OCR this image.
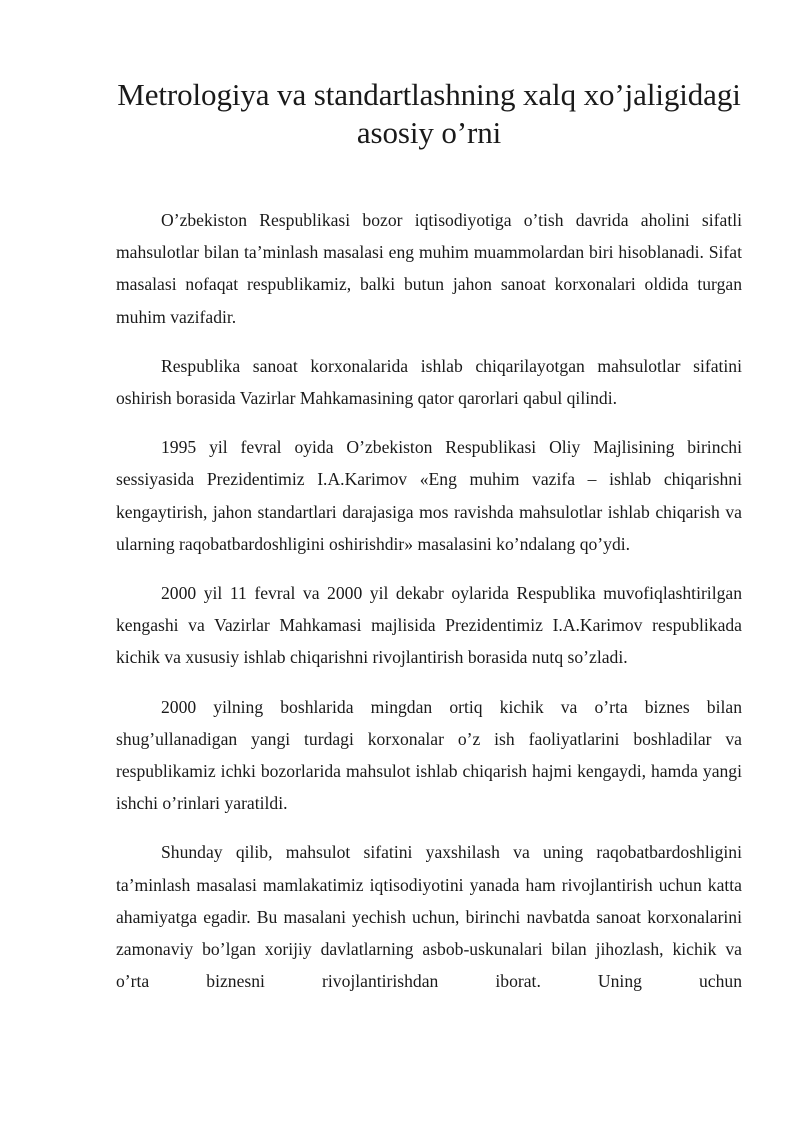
Metrologiya va standartlashning xalq xo’jaligidagi
asosiy o’rni

O’zbekiston Respublikasi bozor iqtisodiyotiga o’tish davrida aholini sifatli mahsulotlar bilan ta’minlash masalasi eng muhim muammolardan biri hisoblanadi. Sifat masalasi nofaqat respublikamiz, balki butun jahon sanoat korxonalari oldida turgan muhim vazifadir.

Respublika sanoat korxonalarida ishlab chiqarilayotgan mahsulotlar sifatini oshirish borasida Vazirlar Mahkamasining qator qarorlari qabul qilindi.

1995 yil fevral oyida O’zbekiston Respublikasi Oliy Majlisining birinchi sessiyasida Prezidentimiz I.A.Karimov «Eng muhim vazifa – ishlab chiqarishni kengaytirish, jahon standartlari darajasiga mos ravishda mahsulotlar ishlab chiqarish va ularning raqobatbardoshligini oshirishdir» masalasini ko’ndalang qo’ydi.

2000 yil 11 fevral va 2000 yil dekabr oylarida Respublika muvofiqlashtirilgan kengashi va Vazirlar Mahkamasi majlisida Prezidentimiz I.A.Karimov respublikada kichik va xususiy ishlab chiqarishni rivojlantirish borasida nutq so’zladi.

2000 yilning boshlarida mingdan ortiq kichik va o’rta biznes bilan shug’ullanadigan yangi turdagi korxonalar o’z ish faoliyatlarini boshladilar va respublikamiz ichki bozorlarida mahsulot ishlab chiqarish hajmi kengaydi, hamda yangi ishchi o’rinlari yaratildi.

Shunday qilib, mahsulot sifatini yaxshilash va uning raqobatbardoshligini ta’minlash masalasi mamlakatimiz iqtisodiyotini yanada ham rivojlantirish uchun katta ahamiyatga egadir. Bu masalani yechish uchun, birinchi navbatda sanoat korxonalarini zamonaviy bo’lgan xorijiy davlatlarning asbob-uskunalari bilan jihozlash, kichik va o’rta biznesni rivojlantirishdan iborat. Uning uchun
